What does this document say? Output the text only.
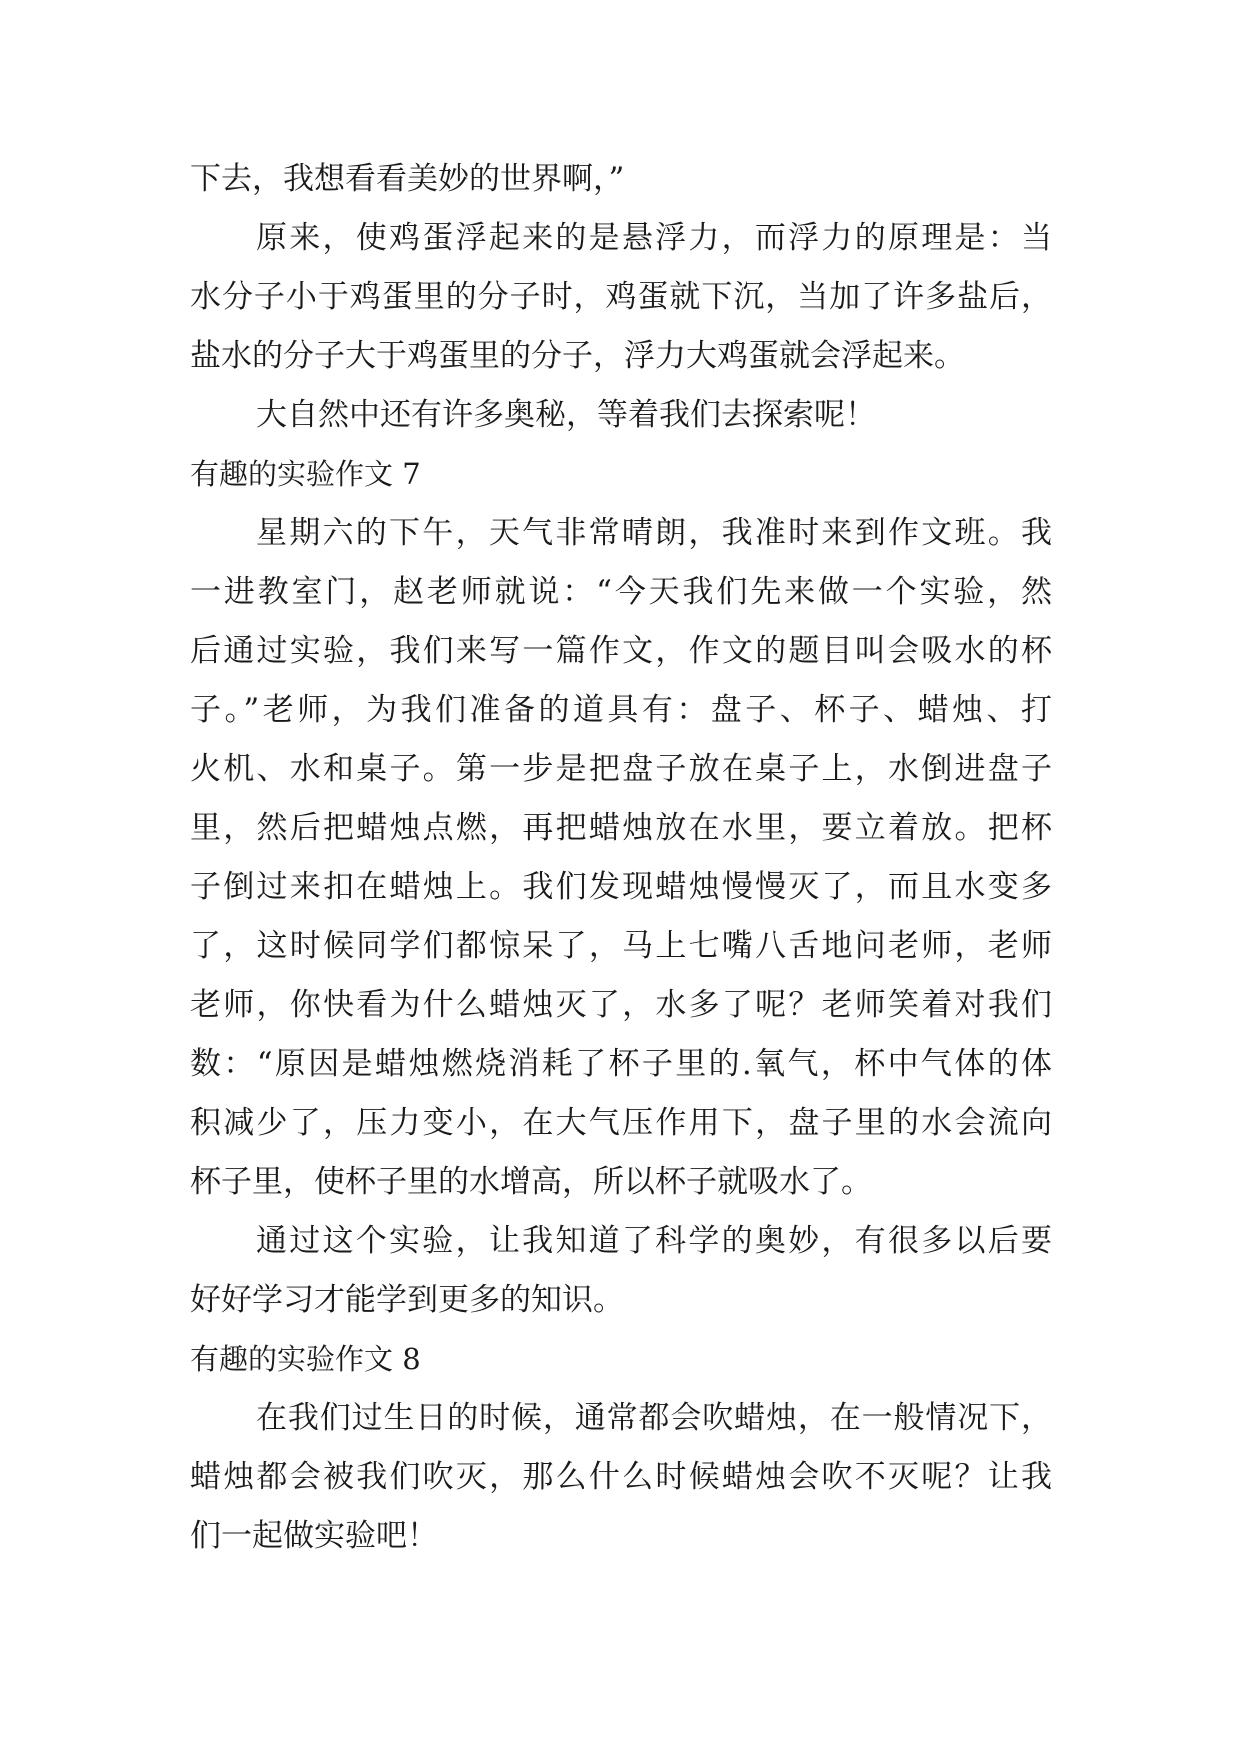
下去，我想看看美妙的世界啊，”
原来，使鸡蛋浮起来的是悬浮力，而浮力的原理是：当
水分子小于鸡蛋里的分子时，鸡蛋就下沉，当加了许多盐后，
盐水的分子大于鸡蛋里的分子，浮力大鸡蛋就会浮起来。
大自然中还有许多奥秘，等着我们去探索呢！
有趣的实验作文 7
星期六的下午，天气非常晴朗，我准时来到作文班。我
一进教室门，赵老师就说：“今天我们先来做一个实验，然
后通过实验，我们来写一篇作文，作文的题目叫会吸水的杯
子。”老师，为我们准备的道具有：盘子、杯子、蜡烛、打
火机、水和桌子。第一步是把盘子放在桌子上，水倒进盘子
里，然后把蜡烛点燃，再把蜡烛放在水里，要立着放。把杯
子倒过来扣在蜡烛上。我们发现蜡烛慢慢灭了，而且水变多
了，这时候同学们都惊呆了，马上七嘴八舌地问老师，老师
老师，你快看为什么蜡烛灭了，水多了呢？老师笑着对我们
数：“原因是蜡烛燃烧消耗了杯子里的.氧气，杯中气体的体
积减少了，压力变小，在大气压作用下，盘子里的水会流向
杯子里，使杯子里的水增高，所以杯子就吸水了。
通过这个实验，让我知道了科学的奥妙，有很多以后要
好好学习才能学到更多的知识。
有趣的实验作文 8
在我们过生日的时候，通常都会吹蜡烛，在一般情况下，
蜡烛都会被我们吹灭，那么什么时候蜡烛会吹不灭呢？让我
们一起做实验吧！
